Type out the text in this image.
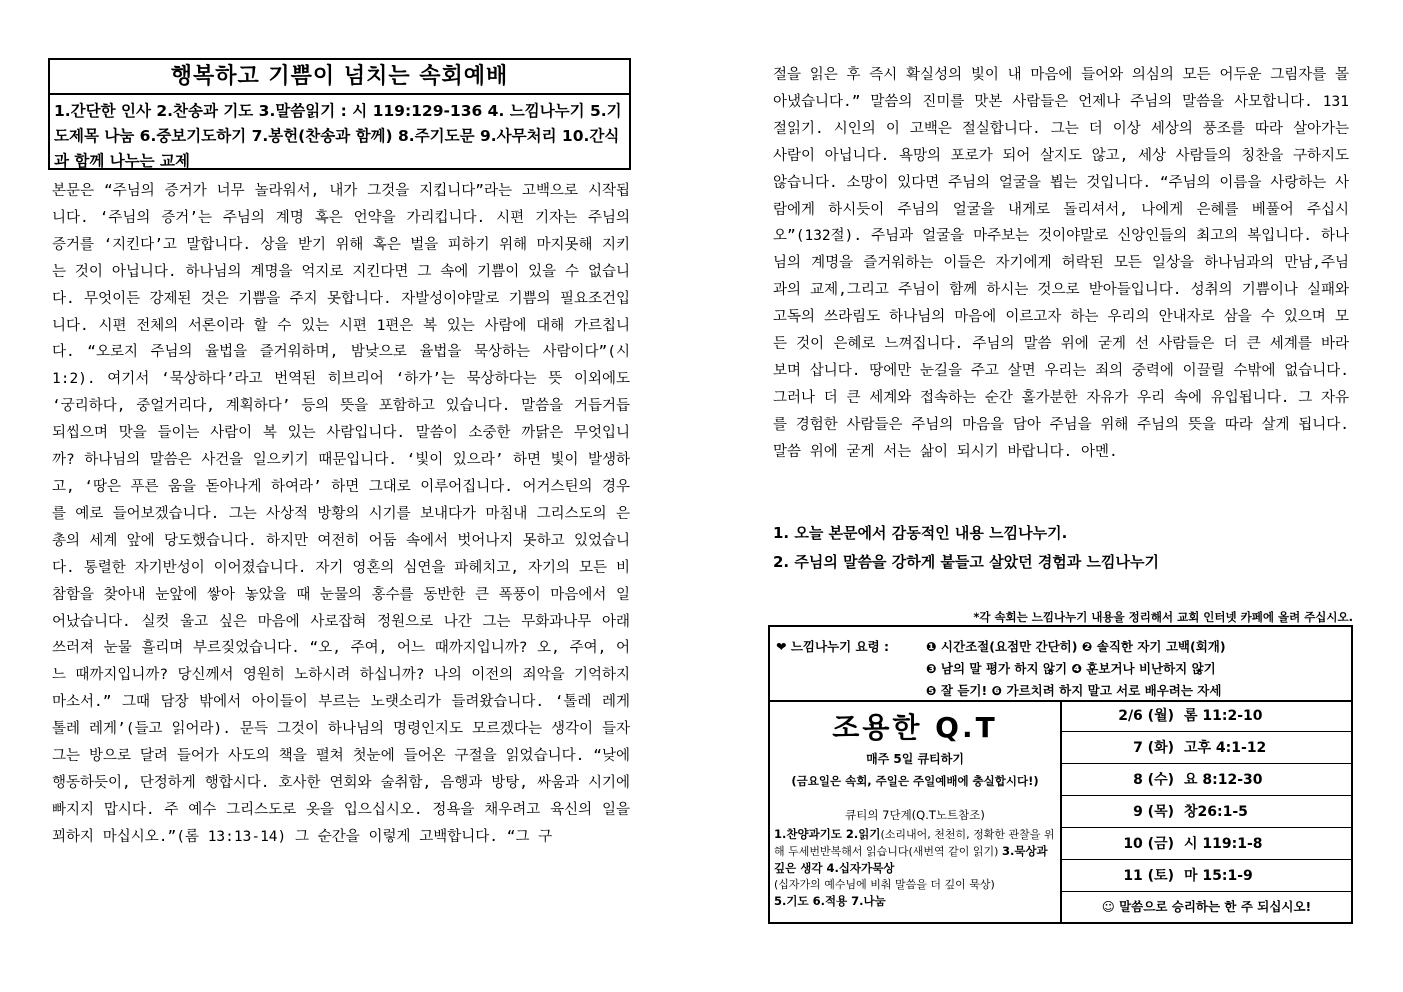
행복하고 기쁨이 넘치는 속회예배
1.간단한 인사 2.찬송과 기도 3.말씀읽기 : 시 119:129-136 4. 느낌나누기 5.기도제목 나눔 6.중보기도하기 7.봉헌(찬송과 함께) 8.주기도문 9.사무처리 10.간식과 함께 나누는 교제
본문은 “주님의 증거가 너무 놀라워서, 내가 그것을 지킵니다”라는 고백으로 시작됩니다. ‘주님의 증거’는 주님의 계명 혹은 언약을 가리킵니다. 시편 기자는 주님의 증거를 ‘지킨다’고 말합니다. 상을 받기 위해 혹은 벌을 피하기 위해 마지못해 지키는 것이 아닙니다. 하나님의 계명을 억지로 지킨다면 그 속에 기쁨이 있을 수 없습니다. 무엇이든 강제된 것은 기쁨을 주지 못합니다. 자발성이야말로 기쁨의 필요조건입니다. 시편 전체의 서론이라 할 수 있는 시편 1편은 복 있는 사람에 대해 가르칩니다. “오로지 주님의 율법을 즐거워하며, 밤낮으로 율법을 묵상하는 사람이다”(시 1:2). 여기서 ‘묵상하다’라고 번역된 히브리어 ‘하가’는 묵상하다는 뜻 이외에도 ‘궁리하다, 중얼거리다, 계획하다’ 등의 뜻을 포함하고 있습니다. 말씀을 거듭거듭 되씹으며 맛을 들이는 사람이 복 있는 사람입니다. 말씀이 소중한 까닭은 무엇입니까? 하나님의 말씀은 사건을 일으키기 때문입니다. ‘빛이 있으라’ 하면 빛이 발생하고, ‘땅은 푸른 움을 돋아나게 하여라’ 하면 그대로 이루어집니다. 어거스틴의 경우를 예로 들어보겠습니다. 그는 사상적 방황의 시기를 보내다가 마침내 그리스도의 은총의 세계 앞에 당도했습니다. 하지만 여전히 어둠 속에서 벗어나지 못하고 있었습니다. 통렬한 자기반성이 이어졌습니다. 자기 영혼의 심연을 파헤치고, 자기의 모든 비참함을 찾아내 눈앞에 쌓아 놓았을 때 눈물의 홍수를 동반한 큰 폭풍이 마음에서 일어났습니다. 실컷 울고 싶은 마음에 사로잡혀 정원으로 나간 그는 무화과나무 아래 쓰러져 눈물 흘리며 부르짖었습니다. “오, 주여, 어느 때까지입니까? 오, 주여, 어느 때까지입니까? 당신께서 영원히 노하시려 하십니까? 나의 이전의 죄악을 기억하지 마소서.” 그때 담장 밖에서 아이들이 부르는 노랫소리가 들려왔습니다. ‘톨레 레게 톨레 레게’(들고 읽어라). 문득 그것이 하나님의 명령인지도 모르겠다는 생각이 들자 그는 방으로 달려 들어가 사도의 책을 펼쳐 첫눈에 들어온 구절을 읽었습니다. “낮에 행동하듯이, 단정하게 행합시다. 호사한 연회와 술취함, 음행과 방탕, 싸움과 시기에 빠지지 맙시다. 주 예수 그리스도로 옷을 입으십시오. 정욕을 채우려고 육신의 일을 꾀하지 마십시오.”(롬 13:13-14) 그 순간을 이렇게 고백합니다. “그 구
절을 읽은 후 즉시 확실성의 빛이 내 마음에 들어와 의심의 모든 어두운 그림자를 몰아냈습니다.” 말씀의 진미를 맛본 사람들은 언제나 주님의 말씀을 사모합니다. 131절읽기. 시인의 이 고백은 절실합니다. 그는 더 이상 세상의 풍조를 따라 살아가는 사람이 아닙니다. 욕망의 포로가 되어 살지도 않고, 세상 사람들의 칭찬을 구하지도 않습니다. 소망이 있다면 주님의 얼굴을 뵙는 것입니다. “주님의 이름을 사랑하는 사람에게 하시듯이 주님의 얼굴을 내게로 돌리셔서, 나에게 은혜를 베풀어 주십시오”(132절). 주님과 얼굴을 마주보는 것이야말로 신앙인들의 최고의 복입니다. 하나님의 계명을 즐거워하는 이들은 자기에게 허락된 모든 일상을 하나님과의 만남,주님과의 교제,그리고 주님이 함께 하시는 것으로 받아들입니다. 성취의 기쁨이나 실패와 고독의 쓰라림도 하나님의 마음에 이르고자 하는 우리의 안내자로 삼을 수 있으며 모든 것이 은혜로 느껴집니다. 주님의 말씀 위에 굳게 선 사람들은 더 큰 세계를 바라보며 삽니다. 땅에만 눈길을 주고 살면 우리는 죄의 중력에 이끌릴 수밖에 없습니다. 그러나 더 큰 세계와 접속하는 순간 홀가분한 자유가 우리 속에 유입됩니다. 그 자유를 경험한 사람들은 주님의 마음을 담아 주님을 위해 주님의 뜻을 따라 살게 됩니다. 말씀 위에 굳게 서는 삶이 되시기 바랍니다. 아멘.
1. 오늘 본문에서 감동적인 내용 느낌나누기.
2. 주님의 말씀을 강하게 붙들고 살았던 경험과 느낌나누기
*각 속회는 느낌나누기 내용을 정리해서 교회 인터넷 카페에 올려 주십시오.
❤ 느낌나누기 요령 :	❶ 시간조절(요점만 간단히) ❷ 솔직한 자기 고백(회개)
❸ 남의 말 평가 하지 않기 ❹ 훈보거나 비난하지 않기
❺ 잘 듣기! ❻ 가르치려 하지 말고 서로 배우려는 자세
조용한 Q.T
매주 5일 큐티하기
(금요일은 속회, 주일은 주일예배에 충실합시다!)
큐티의 7단계(Q.T노트참조)
1.찬양과기도 2.읽기(소리내어, 천천히, 정확한 관찰을 위해 두세번반복해서 읽습니다(새번역 같이 읽기) 3.묵상과 깊은 생각 4.십자가묵상
(십자가의 예수님에 비춰 말씀을 더 깊이 묵상)
5.기도 6.적용 7.나눔
2/6 (월) 롬 11:2-10
7 (화) 고후 4:1-12
8 (수) 요 8:12-30
9 (목) 창26:1-5
10 (금) 시 119:1-8
11 (토) 마 15:1-9
☺ 말씀으로 승리하는 한 주 되십시오!
